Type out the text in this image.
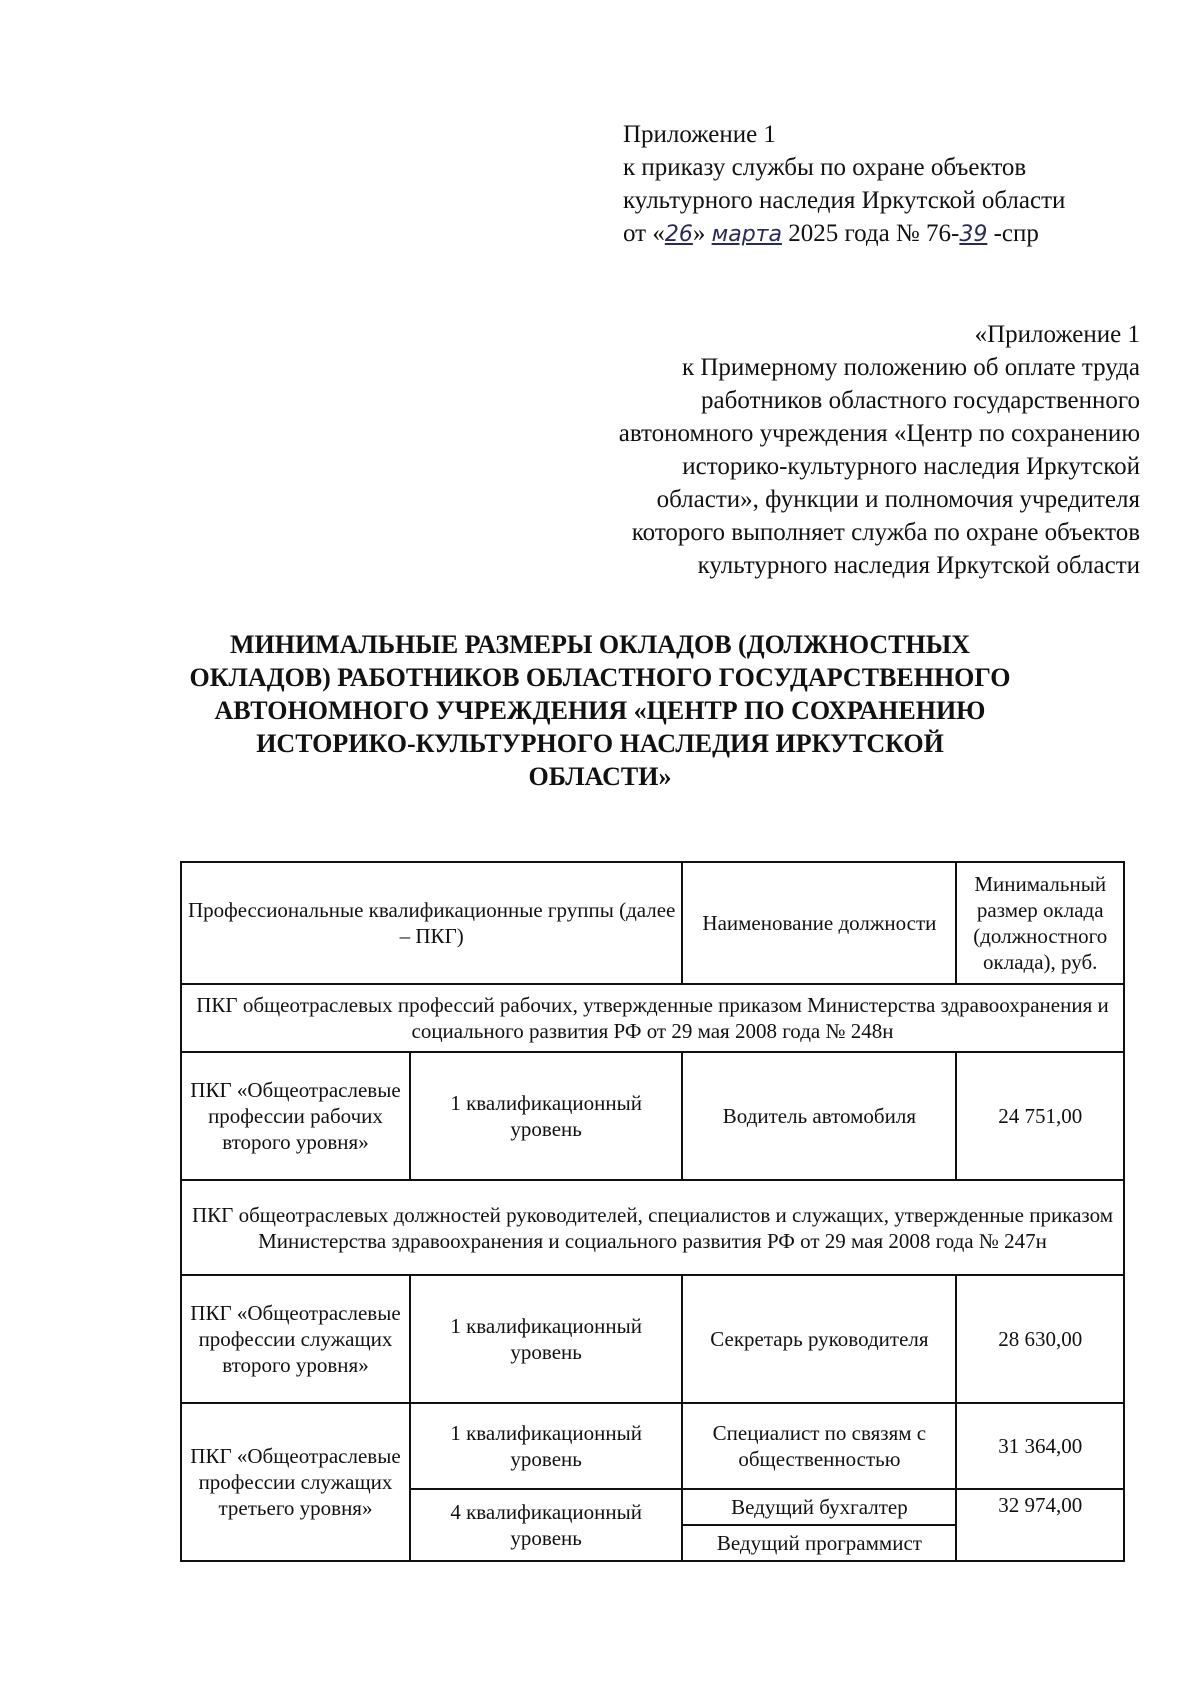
Приложение 1
к приказу службы по охране объектов
культурного наследия Иркутской области
от «26» марта 2025 года № 76-39 -спр
«Приложение 1
к Примерному положению об оплате труда
работников областного государственного
автономного учреждения «Центр по сохранению
историко-культурного наследия Иркутской
области», функции и полномочия учредителя
которого выполняет служба по охране объектов
культурного наследия Иркутской области
МИНИМАЛЬНЫЕ РАЗМЕРЫ ОКЛАДОВ (ДОЛЖНОСТНЫХ
ОКЛАДОВ) РАБОТНИКОВ ОБЛАСТНОГО ГОСУДАРСТВЕННОГО
АВТОНОМНОГО УЧРЕЖДЕНИЯ «ЦЕНТР ПО СОХРАНЕНИЮ
ИСТОРИКО-КУЛЬТУРНОГО НАСЛЕДИЯ ИРКУТСКОЙ
ОБЛАСТИ»
Профессиональные квалификационные группы (далее – ПКГ)		Наименование должности	Минимальный размер оклада (должностного оклада), руб.
ПКГ общеотраслевых профессий рабочих, утвержденные приказом Министерства здравоохранения и социального развития РФ от 29 мая 2008 года № 248н			
ПКГ «Общеотраслевые профессии рабочих второго уровня»	1 квалификационный уровень	Водитель автомобиля	24 751,00
ПКГ общеотраслевых должностей руководителей, специалистов и служащих, утвержденные приказом Министерства здравоохранения и социального развития РФ от 29 мая 2008 года № 247н			
ПКГ «Общеотраслевые профессии служащих второго уровня»	1 квалификационный уровень	Секретарь руководителя	28 630,00
ПКГ «Общеотраслевые профессии служащих третьего уровня»	1 квалификационный уровень	Специалист по связям с общественностью	31 364,00
	4 квалификационный уровень	Ведущий бухгалтер	32 974,00
		Ведущий программист	
